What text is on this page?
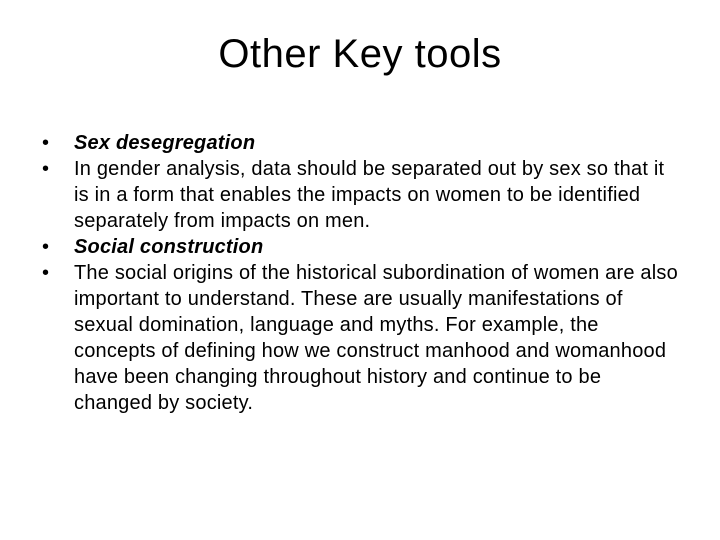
Other Key tools
•	Sex desegregation
•	In gender analysis, data should be separated out by sex so that it is in a form that enables the impacts on women to be identified separately from impacts on men.
•	Social construction
•	The social origins of the historical subordination of women are also important to understand. These are usually manifestations of sexual domination, language and myths. For example, the concepts of defining how we construct manhood and womanhood have been changing throughout history and continue to be changed by society.
